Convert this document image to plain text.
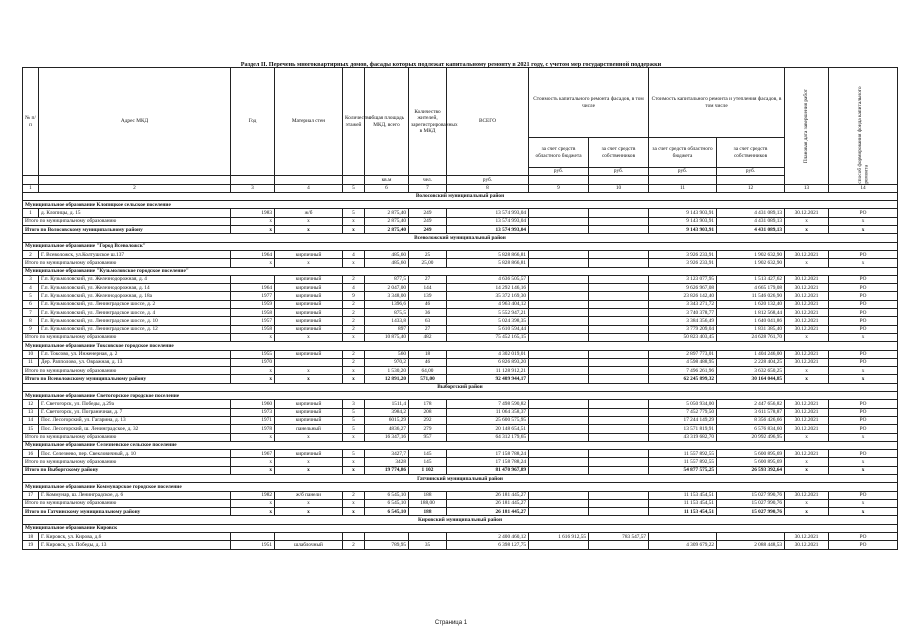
Раздел II. Перечень многоквартирных домов, фасады которых подлежат капитальному ремонту в 2021 году, с учетом мер государственной поддержки
№ п/п	Адрес МКД	Год	Материал стен	Количество этажей	общая площадь МКД, всего	Количество жителей, зарегистрированных в МКД	ВСЕГО	Стоимость капитального ремонта фасадов, в том числе		Стоимость капитального ремонта и утепления фасадов, в том числе		Плановая дата завершения работ	способ формирования фонда капитального ремонта

								за счет средств областного бюджета	за счет средств собственников	за счет средств областного бюджета	за счет средств собственников		
								руб.	руб.	руб.	руб.		
					кв.м	чел.	руб.						
1	2	3	4	5	6	7	8	9	10	11	12	13	14
Волосовский муниципальный район													
Муниципальное образование Клопицкое сельское поселение													
1	д. Клопицы, д. 15	1983	ж/б	5	2 875,40	249	13 574 993,04			9 143 903,91	4 431 089,13	30.12.2021	РО
Итого по муниципальному образованию		x	x	x	2 875,40	249	13 574 993,04			9 143 903,91	4 431 089,13	x	x
Итого по Волосовскому муниципальному району		x	x	x	2 875,40	249	13 574 993,04			9 143 903,91	4 431 089,13	x	x
Всеволожский муниципальный район													
Муниципальное образование "Город Всеволожск"													
2	Г. Всеволожск, ул.Колтушское ш.137	1964	кирпичный	4	485,60	25	5 828 866,81			3 926 233,91	1 902 632,90	30.12.2021	РО
Итого по муниципальному образованию		x	x	x	485,60	25,00	5 828 866,81			3 926 233,91	1 902 632,90	x	x
Муниципальное образование "Кузьмоловское городское поселение"													
3	Г.п. Кузьмоловский, ул. Железнодорожная, д. 4		кирпичный	2	877,5	27	4 636 505,57			3 123 077,95	1 513 427,62	30.12.2021	РО
4	Г.п. Кузьмоловский, ул. Железнодорожная, д. 14	1964	кирпичный	4	2 047,00	144	14 292 146,16			9 626 967,08	4 665 179,08	30.12.2021	РО
5	Г.п. Кузьмоловский, ул. Железнодорожная, д. 18а	1977	кирпичный	9	3 348,00	139	35 372 169,30			23 826 142,40	11 546 026,90	30.12.2021	РО
6	Г.п. Кузьмоловский, ул. Ленинградское шоссе, д. 2	1959	кирпичный	2	1396,6	46	4 963 404,12			3 343 271,72	1 620 132,40	30.12.2021	РО
7	Г.п. Кузьмоловский, ул. Ленинградское шоссе, д. 4	1958	кирпичный	2	875,5	36	5 552 947,21			3 740 378,77	1 812 568,44	30.12.2021	РО
8	Г.п. Кузьмоловский, ул. Ленинградское шоссе, д. 10	1957	кирпичный	2	1433,8	63	5 024 398,35			3 384 356,49	1 640 041,86	30.12.2021	РО
9	Г.п. Кузьмоловский, ул. Ленинградское шоссе, д. 12	1958	кирпичный	2	897	27	5 610 594,44			3 779 209,04	1 831 385,40	30.12.2021	РО
Итого по муниципальному образованию		x	x	x	10 875,40	482	75 452 165,15			50 823 403,45	24 628 761,70	x	x
Муниципальное образование Токсовское городское поселение													
10	Г.п. Токсово, ул. Инженерная, д. 2	1955	кирпичный	2	560	18	4 302 019,01			2 897 773,01	1 404 246,00	30.12.2021	РО
11	Дер. Рапполово, ул. Овражная, д. 13	1970		2	970,2	46	6 826 893,20			4 598 488,95	2 228 404,25	30.12.2021	РО
Итого по муниципальному образованию		x	x	x	1 530,20	64,00	11 128 912,21			7 496 261,96	3 632 650,25	x	x
Итого по Всеволожскому муниципальному району		x	x	x	12 891,20	571,00	92 409 944,17			62 245 899,32	30 164 044,85	x	x
Выборгский район													
Муниципальное образование Светогорское городское поселение													
12	Г. Светогорск, ул. Победы, д.29а	1960	кирпичный	3	1511,4	178	7 498 590,82			5 050 934,00	2 447 656,82	30.12.2021	РО
13	Г. Светогорск, ул. Пограничная, д. 7	1973	кирпичный	5	3984,2	208	11 064 358,37			7 452 779,50	3 611 578,87	30.12.2021	РО
14	Пос. Лесогорский, ул. Гагарина, д. 13	1971	кирпичный	5	6015,29	292	25 600 575,95			17 244 149,29	8 356 426,66	30.12.2021	РО
15	Пос. Лесогорский, ш. Ленинградское, д. 32	1978	панельный	5	4836,27	279	20 148 654,51			13 571 819,91	6 576 834,60	30.12.2021	РО
Итого по муниципальному образованию		x	x	x	16 347,16	957	64 312 179,65			43 319 682,70	20 992 496,95	x	x
Муниципальное образование Селезневское сельское поселение													
16	Пос. Селезнево, пер. Свекловичный, д. 10	1967	кирпичный	5	3427,7	145	17 158 788,24			11 557 892,55	5 600 895,69	30.12.2021	РО
Итого по муниципальному образованию		x	x	x	3428	145	17 158 788,24			11 557 892,55	5 600 895,69	x	x
Итого по Выборгскому району		x	x	x	19 774,86	1 102	81 470 967,89			54 877 575,25	26 593 392,64	x	x
Гатчинский муниципальный район													
Муниципальное образование Коммунарское городское поселение													
17	Г. Коммунар, ш. Ленинградское, д. 6	1982	ж/б панели	2	6 545,10	188	26 181 445,27			11 153 454,51	15 027 990,76	30.12.2021	РО
Итого по муниципальному образованию		x	x	x	6 545,10	188,00	26 181 445,27			11 153 454,51	15 027 990,76	x	x
Итого по Гатчинскому муниципальному району		x	x	x	6 545,10	188	26 181 445,27			11 153 454,51	15 027 990,76	x	x
Кировский муниципальный район													
Муниципальное образование Кировск													
18	Г. Кировск, ул. Кирова, д.6						2 400 460,12	1 616 912,55	783 547,57			30.12.2021	РО
19	Г. Кировск, ул. Победы, д. 13	1951	шлаблочный	2	789,95	35	6 398 127,75			4 309 679,22	2 088 448,53	30.12.2021	РО
Страница 1
